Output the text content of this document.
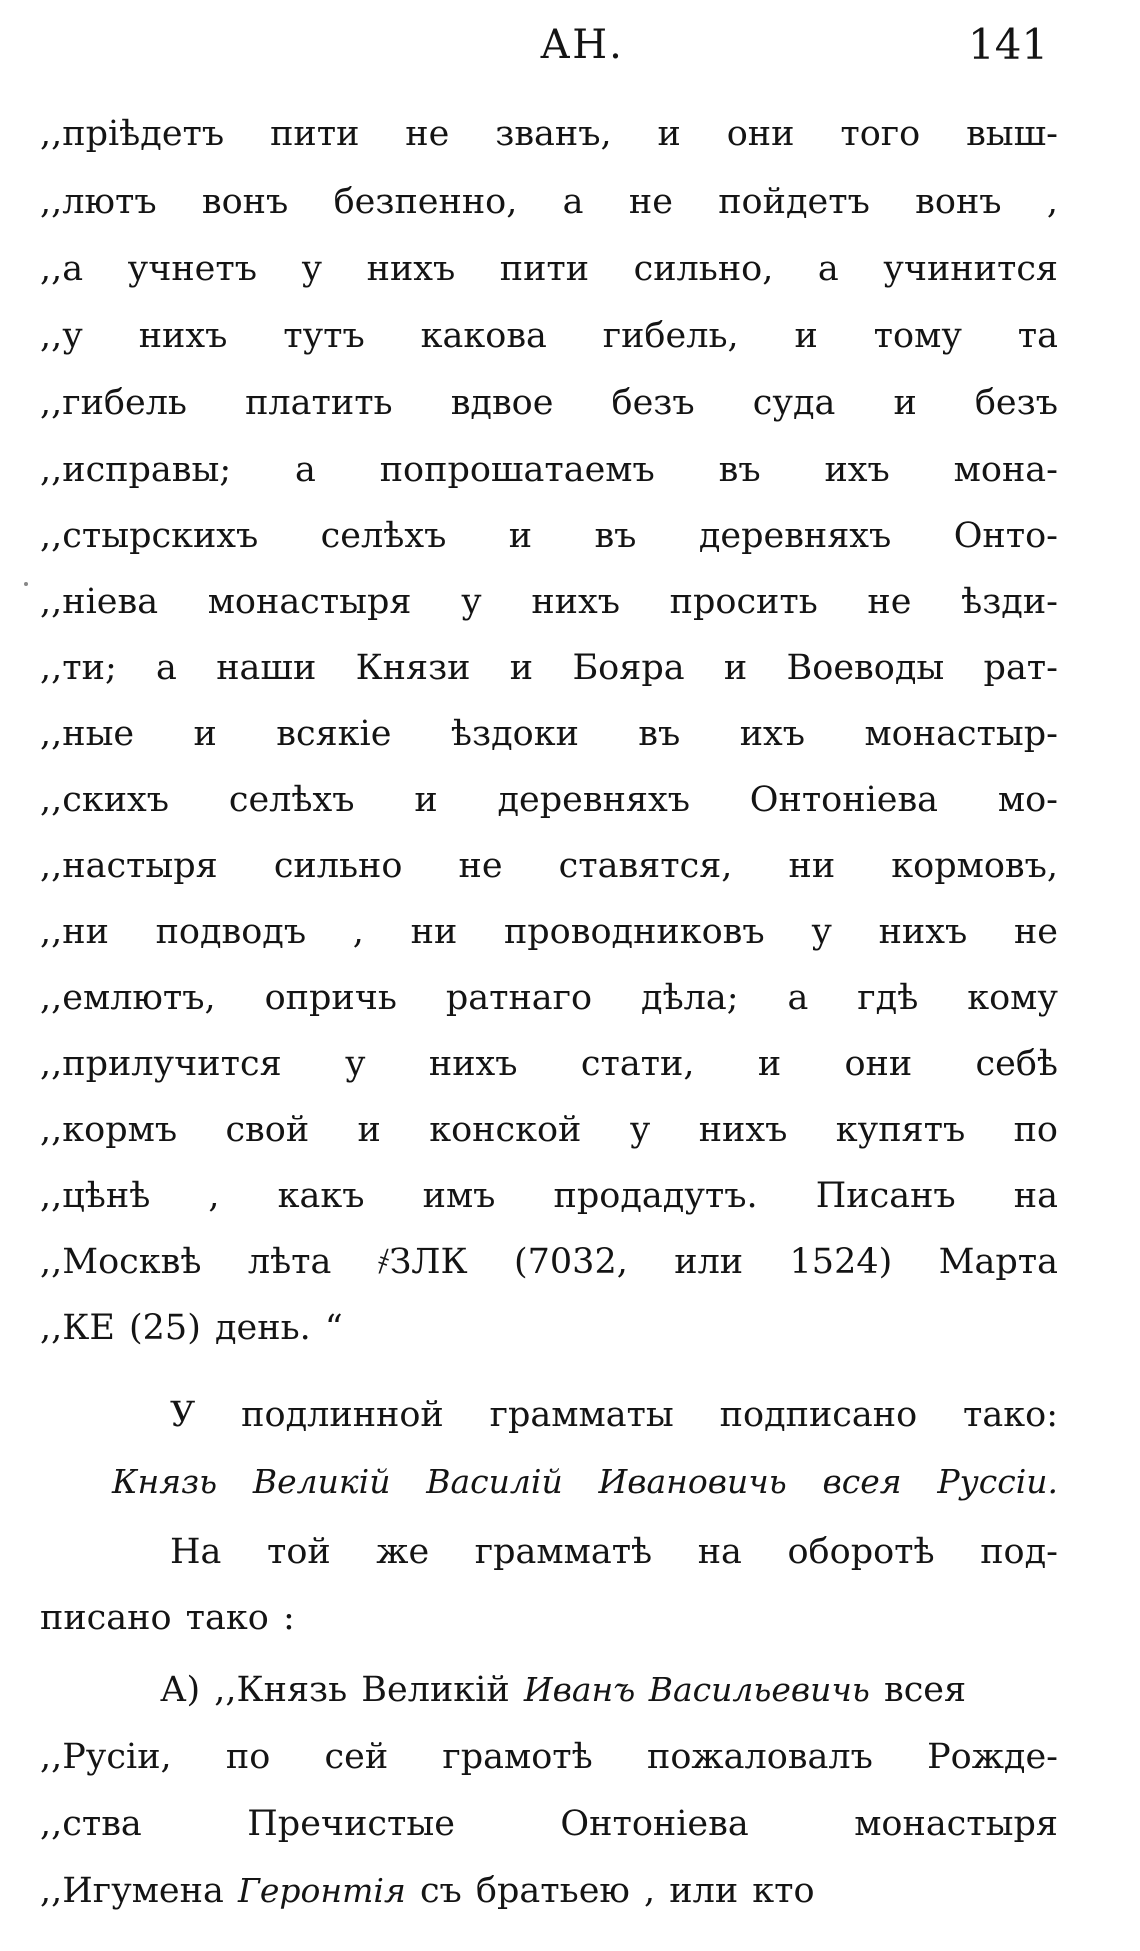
АН.	141
,,пріѣдетъ пити не званъ, и они того выш-
,,лютъ вонъ безпенно, а не пойдетъ вонъ ,
,,а учнетъ у нихъ пити сильно, а учинится
,,у нихъ тутъ какова гибель, и тому та
,,гибель платить вдвое безъ суда и безъ
,,исправы; а попрошатаемъ въ ихъ мона-
,,стырскихъ селѣхъ и въ деревняхъ Онто-
,,ніева монастыря у нихъ просить не ѣзди-
,,ти; а наши Князи и Бояра и Воеводы рат-
,,ные и всякіе ѣздоки въ ихъ монастыр-
,,скихъ селѣхъ и деревняхъ Онтоніева мо-
,,настыря сильно не ставятся, ни кормовъ,
,,ни подводъ , ни проводниковъ у нихъ не
,,емлютъ, опричь ратнаго дѣла; а гдѣ кому
,,прилучится у нихъ стати, и они себѣ
,,кормъ свой и конской у нихъ купятъ по
,,цѣнѣ , какъ имъ продадутъ. Писанъ на
,,Москвѣ лѣта ҂ЗЛК (7032, или 1524) Марта
,,КЕ (25) день. “
У подлинной граммaты подписано тако:
Князь Великій Василій Ивановичь всея Руссіи.
На той же граммaтѣ на оборотѣ под-
писано тако :
А) ,,Князь Великій Иванъ Васильевичь всея
,,Русіи, по сей грамотѣ пожаловалъ Рожде-
,,ства Пречистые Онтоніева монастыря
,,Игумена Геронтія съ братьею , или кто
